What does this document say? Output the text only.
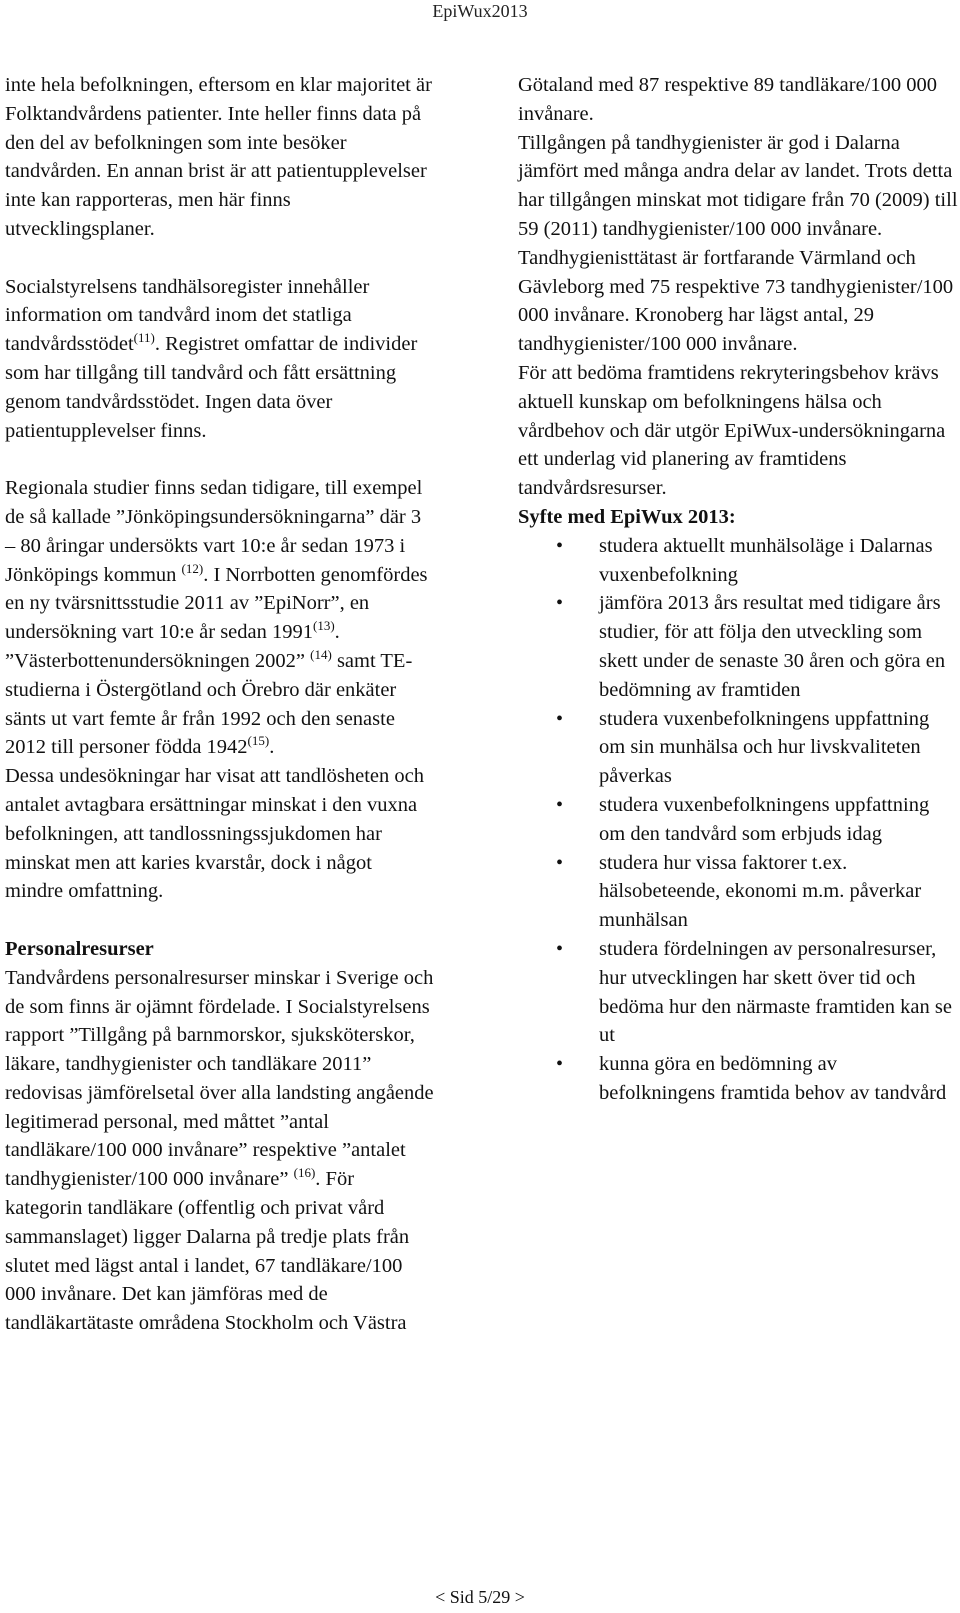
EpiWux2013

inte hela befolkningen, eftersom en klar majoritet är Folktandvårdens patienter. Inte heller finns data på den del av befolkningen som inte besöker tandvården. En annan brist är att patientupplevelser inte kan rapporteras, men här finns utvecklingsplaner.

Socialstyrelsens tandhälsoregister innehåller information om tandvård inom det statliga tandvårdsstödet$^{(11)}$. Registret omfattar de individer som har tillgång till tandvård och fått ersättning genom tandvårdsstödet. Ingen data över patientupplevelser finns.

Regionala studier finns sedan tidigare, till exempel de så kallade ”Jönköpingsundersökningarna” där 3 – 80 åringar undersökts vart 10:e år sedan 1973 i Jönköpings kommun $^{(12)}$. I Norrbotten genomfördes en ny tvärsnittsstudie 2011 av ”EpiNorr”, en undersökning vart 10:e år sedan 1991$^{(13)}$. ”Västerbottenundersökningen 2002” $^{(14)}$ samt TE-studierna i Östergötland och Örebro där enkäter sänts ut vart femte år från 1992 och den senaste 2012 till personer födda 1942$^{(15)}$.

Dessa undesökningar har visat att tandlösheten och antalet avtagbara ersättningar minskat i den vuxna befolkningen, att tandlossningssjukdomen har minskat men att karies kvarstår, dock i något mindre omfattning.

Personalresurser

Tandvårdens personalresurser minskar i Sverige och de som finns är ojämnt fördelade. I Socialstyrelsens rapport ”Tillgång på barnmorskor, sjuksköterskor, läkare, tandhygienister och tandläkare 2011” redovisas jämförelsetal över alla landsting angående legitimerad personal, med måttet ”antal tandläkare/100 000 invånare” respektive ”antalet tandhygienister/100 000 invånare” $^{(16)}$. För kategorin tandläkare (offentlig och privat vård sammanslaget) ligger Dalarna på tredje plats från slutet med lägst antal i landet, 67 tandläkare/100 000 invånare. Det kan jämföras med de tandläkartätaste områdena Stockholm och Västra

Götaland med 87 respektive 89 tandläkare/100 000 invånare.

Tillgången på tandhygienister är god i Dalarna jämfört med många andra delar av landet. Trots detta har tillgången minskat mot tidigare från 70 (2009) till 59 (2011) tandhygienister/100 000 invånare. Tandhygienisttätast är fortfarande Värmland och Gävleborg med 75 respektive 73 tandhygienister/100 000 invånare. Kronoberg har lägst antal, 29 tandhygienister/100 000 invånare.

För att bedöma framtidens rekryteringsbehov krävs aktuell kunskap om befolkningens hälsa och vårdbehov och där utgör EpiWux-undersökningarna ett underlag vid planering av framtidens tandvårdsresurser.

Syfte med EpiWux 2013:

• studera aktuellt munhälsoläge i Dalarnas vuxenbefolkning
• jämföra 2013 års resultat med tidigare års studier, för att följa den utveckling som skett under de senaste 30 åren och göra en bedömning av framtiden
• studera vuxenbefolkningens uppfattning om sin munhälsa och hur livskvaliteten påverkas
• studera vuxenbefolkningens uppfattning om den tandvård som erbjuds idag
• studera hur vissa faktorer t.ex. hälsobeteende, ekonomi m.m. påverkar munhälsan
• studera fördelningen av personalresurser, hur utvecklingen har skett över tid och bedöma hur den närmaste framtiden kan se ut
• kunna göra en bedömning av befolkningens framtida behov av tandvård
< Sid 5/29 >
